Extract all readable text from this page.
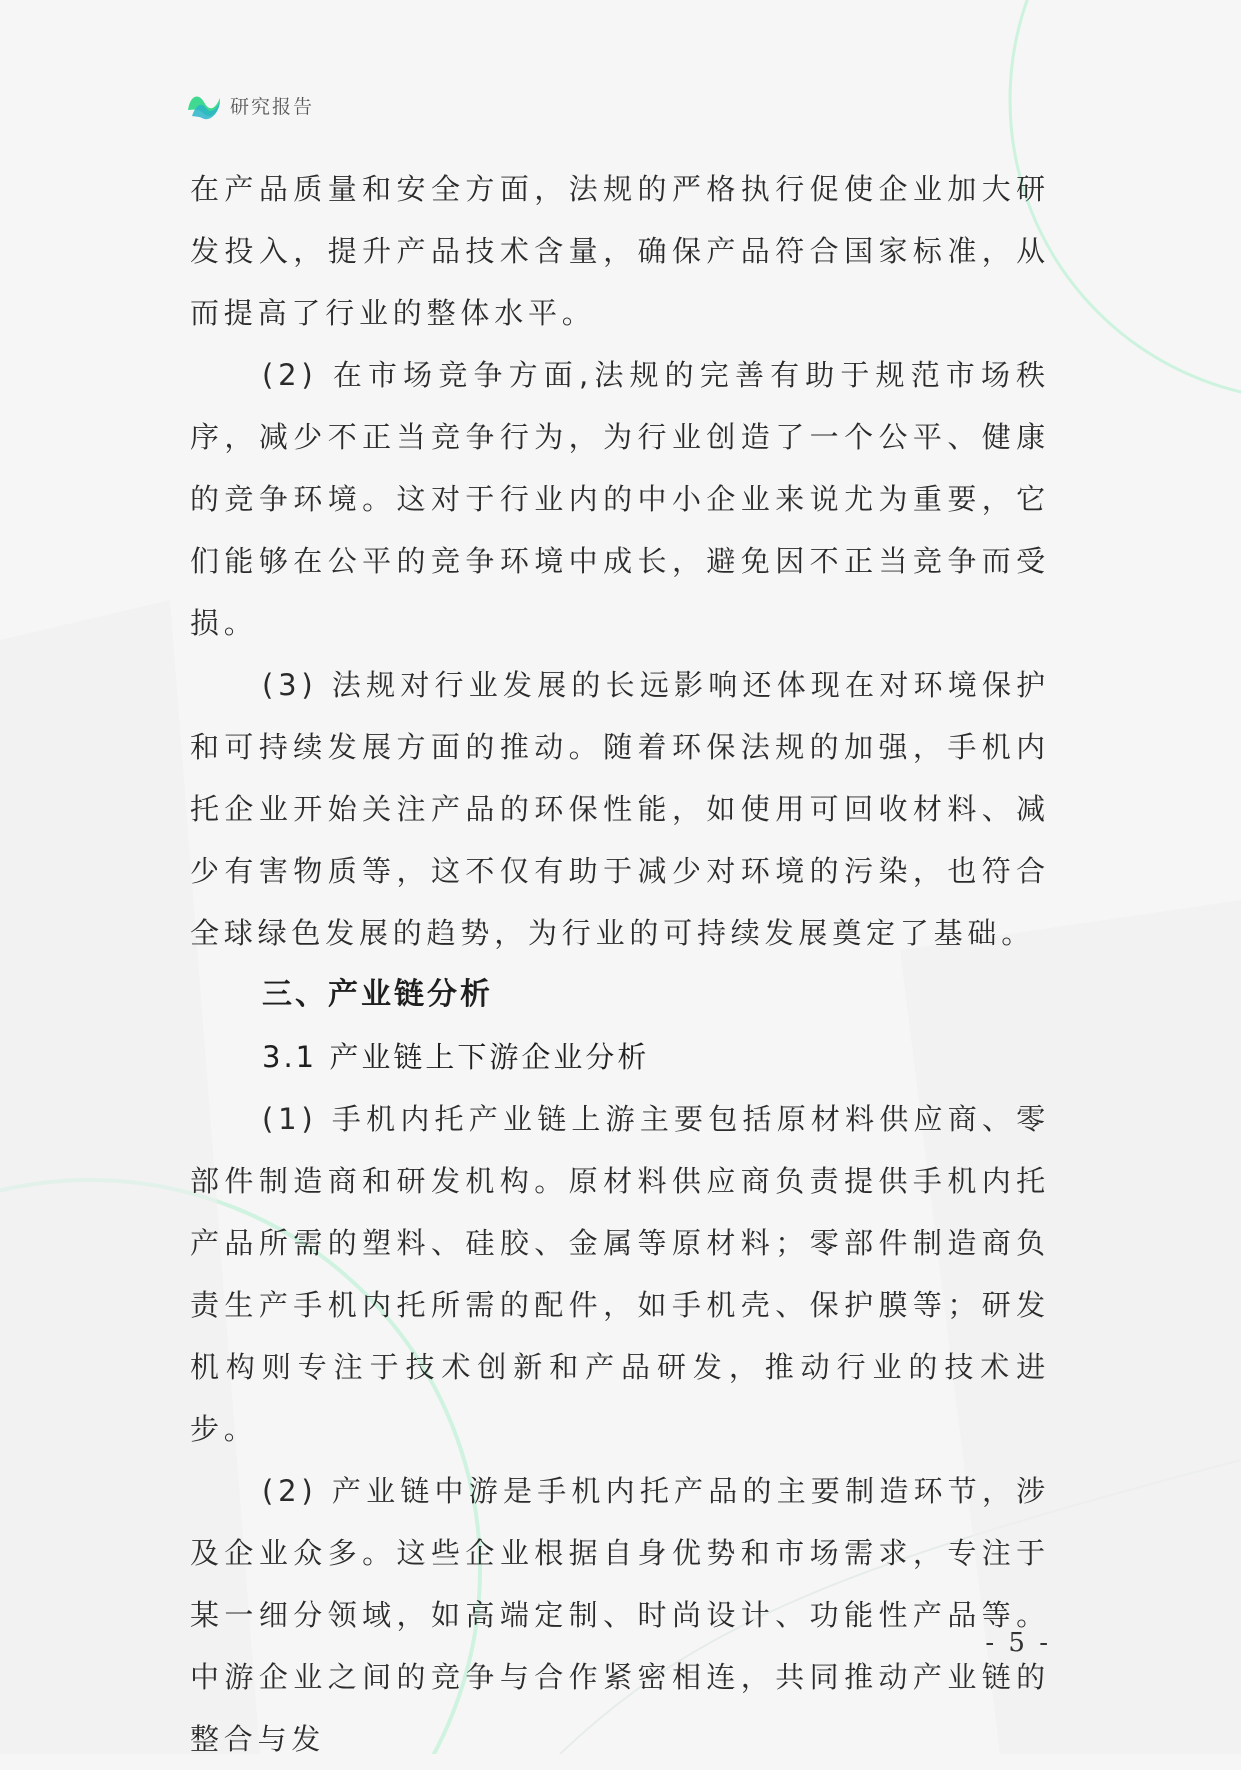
研究报告

在产品质量和安全方面，法规的严格执行促使企业加大研发投入，提升产品技术含量，确保产品符合国家标准，从而提高了行业的整体水平。

(2) 在市场竞争方面,法规的完善有助于规范市场秩序，减少不正当竞争行为，为行业创造了一个公平、健康的竞争环境。这对于行业内的中小企业来说尤为重要，它们能够在公平的竞争环境中成长，避免因不正当竞争而受损。

(3) 法规对行业发展的长远影响还体现在对环境保护和可持续发展方面的推动。随着环保法规的加强，手机内托企业开始关注产品的环保性能，如使用可回收材料、减少有害物质等，这不仅有助于减少对环境的污染，也符合全球绿色发展的趋势，为行业的可持续发展奠定了基础。

三、产业链分析

3.1 产业链上下游企业分析

(1) 手机内托产业链上游主要包括原材料供应商、零部件制造商和研发机构。原材料供应商负责提供手机内托产品所需的塑料、硅胶、金属等原材料；零部件制造商负责生产手机内托所需的配件，如手机壳、保护膜等；研发机构则专注于技术创新和产品研发，推动行业的技术进步。

(2) 产业链中游是手机内托产品的主要制造环节，涉及企业众多。这些企业根据自身优势和市场需求，专注于某一细分领域，如高端定制、时尚设计、功能性产品等。中游企业之间的竞争与合作紧密相连，共同推动产业链的整合与发

- 5 -
